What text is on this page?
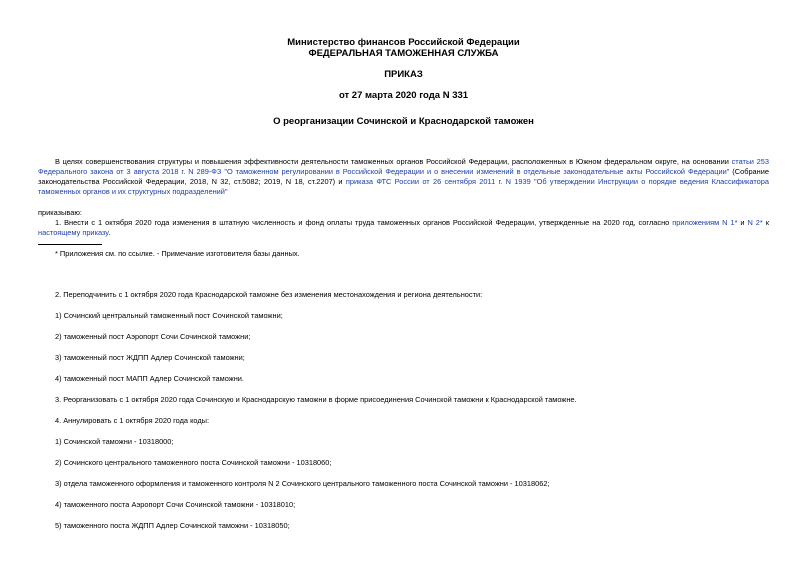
Министерство финансов Российской Федерации
ФЕДЕРАЛЬНАЯ ТАМОЖЕННАЯ СЛУЖБА
ПРИКАЗ
от 27 марта 2020 года N 331
О реорганизации Сочинской и Краснодарской таможен
В целях совершенствования структуры и повышения эффективности деятельности таможенных органов Российской Федерации, расположенных в Южном федеральном округе, на основании статьи 253 Федерального закона от 3 августа 2018 г. N 289-ФЗ "О таможенном регулировании в Российской Федерации и о внесении изменений в отдельные законодательные акты Российской Федерации" (Собрание законодательства Российской Федерации, 2018, N 32, ст.5082; 2019, N 18, ст.2207) и приказа ФТС России от 26 сентября 2011 г. N 1939 "Об утверждении Инструкции о порядке ведения Классификатора таможенных органов и их структурных подразделений"
приказываю:
1. Внести с 1 октября 2020 года изменения в штатную численность и фонд оплаты труда таможенных органов Российской Федерации, утвержденные на 2020 год, согласно приложениям N 1* и N 2* к настоящему приказу.
* Приложения см. по ссылке. - Примечание изготовителя базы данных.
2. Переподчинить с 1 октября 2020 года Краснодарской таможне без изменения местонахождения и региона деятельности:
1) Сочинский центральный таможенный пост Сочинской таможни;
2) таможенный пост Аэропорт Сочи Сочинской таможни;
3) таможенный пост ЖДПП Адлер Сочинской таможни;
4) таможенный пост МАПП Адлер Сочинской таможни.
3. Реорганизовать с 1 октября 2020 года Сочинскую и Краснодарскую таможни в форме присоединения Сочинской таможни к Краснодарской таможне.
4. Аннулировать с 1 октября 2020 года коды:
1) Сочинской таможни - 10318000;
2) Сочинского центрального таможенного поста Сочинской таможни - 10318060;
3) отдела таможенного оформления и таможенного контроля N 2 Сочинского центрального таможенного поста Сочинской таможни - 10318062;
4) таможенного поста Аэропорт Сочи Сочинской таможни - 10318010;
5) таможенного поста ЖДПП Адлер Сочинской таможни - 10318050;
